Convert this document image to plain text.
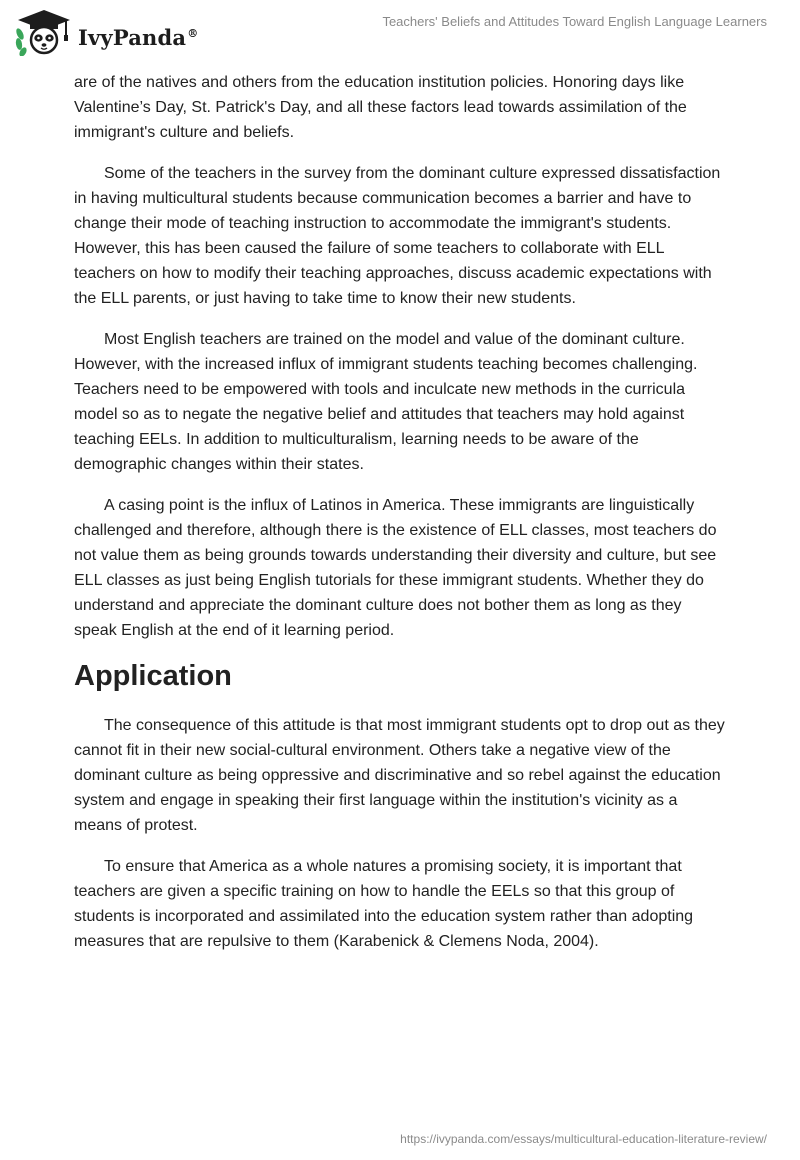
IvyPanda®
Teachers' Beliefs and Attitudes Toward English Language Learners

are of the natives and others from the education institution policies. Honoring days like Valentine’s Day, St. Patrick's Day, and all these factors lead towards assimilation of the immigrant's culture and beliefs.

Some of the teachers in the survey from the dominant culture expressed dissatisfaction in having multicultural students because communication becomes a barrier and have to change their mode of teaching instruction to accommodate the immigrant's students. However, this has been caused the failure of some teachers to collaborate with ELL teachers on how to modify their teaching approaches, discuss academic expectations with the ELL parents, or just having to take time to know their new students.

Most English teachers are trained on the model and value of the dominant culture. However, with the increased influx of immigrant students teaching becomes challenging. Teachers need to be empowered with tools and inculcate new methods in the curricula model so as to negate the negative belief and attitudes that teachers may hold against teaching EELs. In addition to multiculturalism, learning needs to be aware of the demographic changes within their states.

A casing point is the influx of Latinos in America. These immigrants are linguistically challenged and therefore, although there is the existence of ELL classes, most teachers do not value them as being grounds towards understanding their diversity and culture, but see ELL classes as just being English tutorials for these immigrant students. Whether they do understand and appreciate the dominant culture does not bother them as long as they speak English at the end of it learning period.

Application

The consequence of this attitude is that most immigrant students opt to drop out as they cannot fit in their new social-cultural environment. Others take a negative view of the dominant culture as being oppressive and discriminative and so rebel against the education system and engage in speaking their first language within the institution's vicinity as a means of protest.

To ensure that America as a whole natures a promising society, it is important that teachers are given a specific training on how to handle the EELs so that this group of students is incorporated and assimilated into the education system rather than adopting measures that are repulsive to them (Karabenick & Clemens Noda, 2004).

https://ivypanda.com/essays/multicultural-education-literature-review/
